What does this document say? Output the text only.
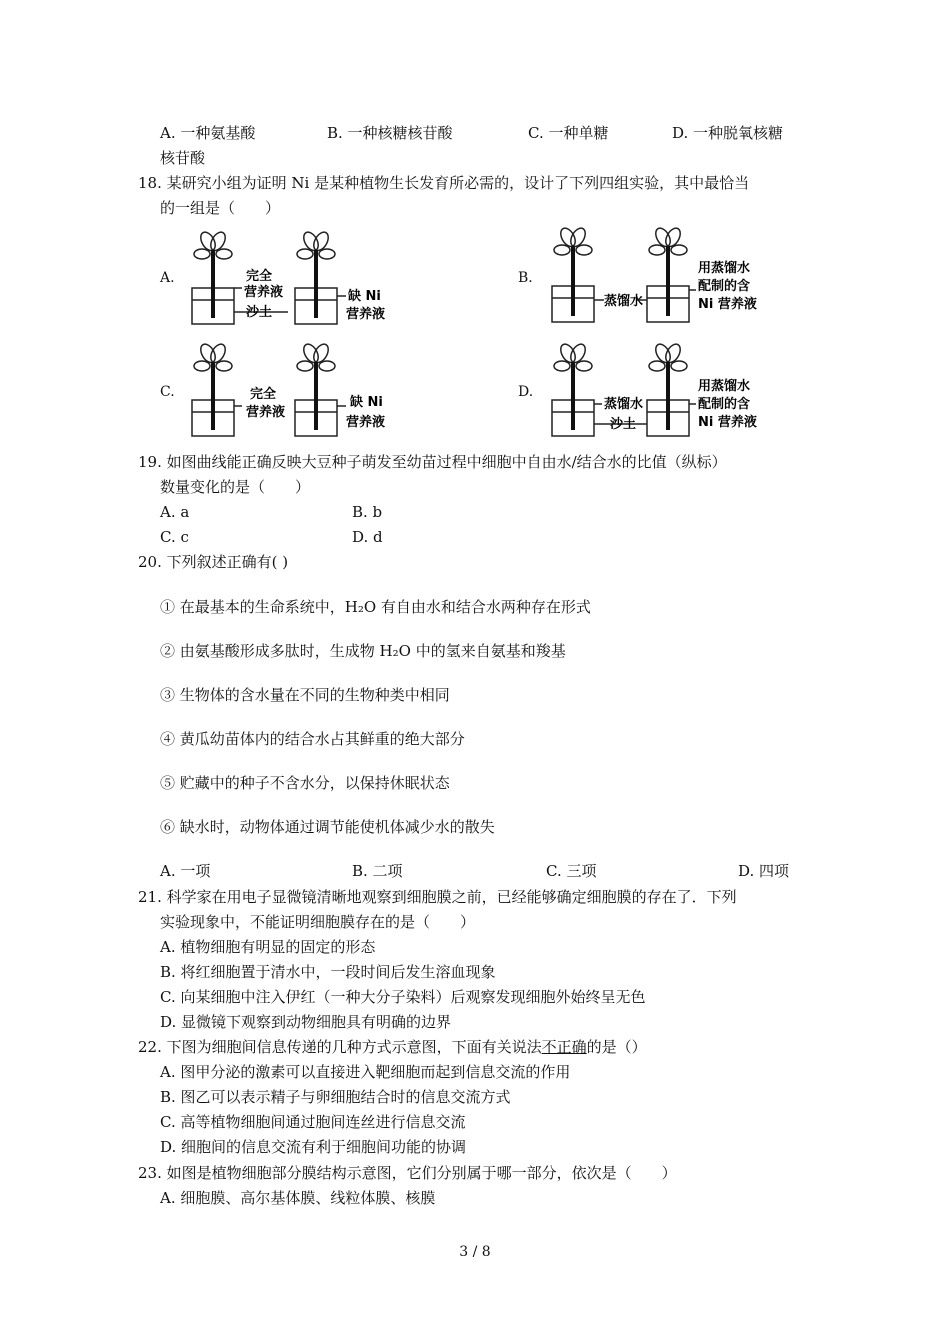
A. 一种氨基酸	B. 一种核糖核苷酸	C. 一种单糖	D. 一种脱氧核糖
核苷酸
18. 某研究小组为证明 Ni 是某种植物生长发育所必需的，设计了下列四组实验，其中最恰当
的一组是（　　）
A.	B.
C.	D.
完全
营养液
沙土
缺 Ni
营养液
蒸馏水
用蒸馏水
配制的含
Ni 营养液
完全
营养液
缺 Ni
营养液
蒸馏水
沙土
用蒸馏水
配制的含
Ni 营养液
19. 如图曲线能正确反映大豆种子萌发至幼苗过程中细胞中自由水/结合水的比值（纵标）
数量变化的是（　　）
A. a	B. b
C. c	D. d
20. 下列叙述正确有( )
① 在最基本的生命系统中，H₂O 有自由水和结合水两种存在形式
② 由氨基酸形成多肽时，生成物 H₂O 中的氢来自氨基和羧基
③ 生物体的含水量在不同的生物种类中相同
④ 黄瓜幼苗体内的结合水占其鲜重的绝大部分
⑤ 贮藏中的种子不含水分，以保持休眠状态
⑥ 缺水时，动物体通过调节能使机体减少水的散失
A. 一项	B. 二项	C. 三项	D. 四项
21. 科学家在用电子显微镜清晰地观察到细胞膜之前，已经能够确定细胞膜的存在了．下列
实验现象中，不能证明细胞膜存在的是（　　）
A. 植物细胞有明显的固定的形态
B. 将红细胞置于清水中，一段时间后发生溶血现象
C. 向某细胞中注入伊红（一种大分子染料）后观察发现细胞外始终呈无色
D. 显微镜下观察到动物细胞具有明确的边界
22. 下图为细胞间信息传递的几种方式示意图，下面有关说法不正确的是（）
A. 图甲分泌的激素可以直接进入靶细胞而起到信息交流的作用
B. 图乙可以表示精子与卵细胞结合时的信息交流方式
C. 高等植物细胞间通过胞间连丝进行信息交流
D. 细胞间的信息交流有利于细胞间功能的协调
23. 如图是植物细胞部分膜结构示意图，它们分别属于哪一部分，依次是（　　）
A. 细胞膜、高尔基体膜、线粒体膜、核膜
3 / 8
